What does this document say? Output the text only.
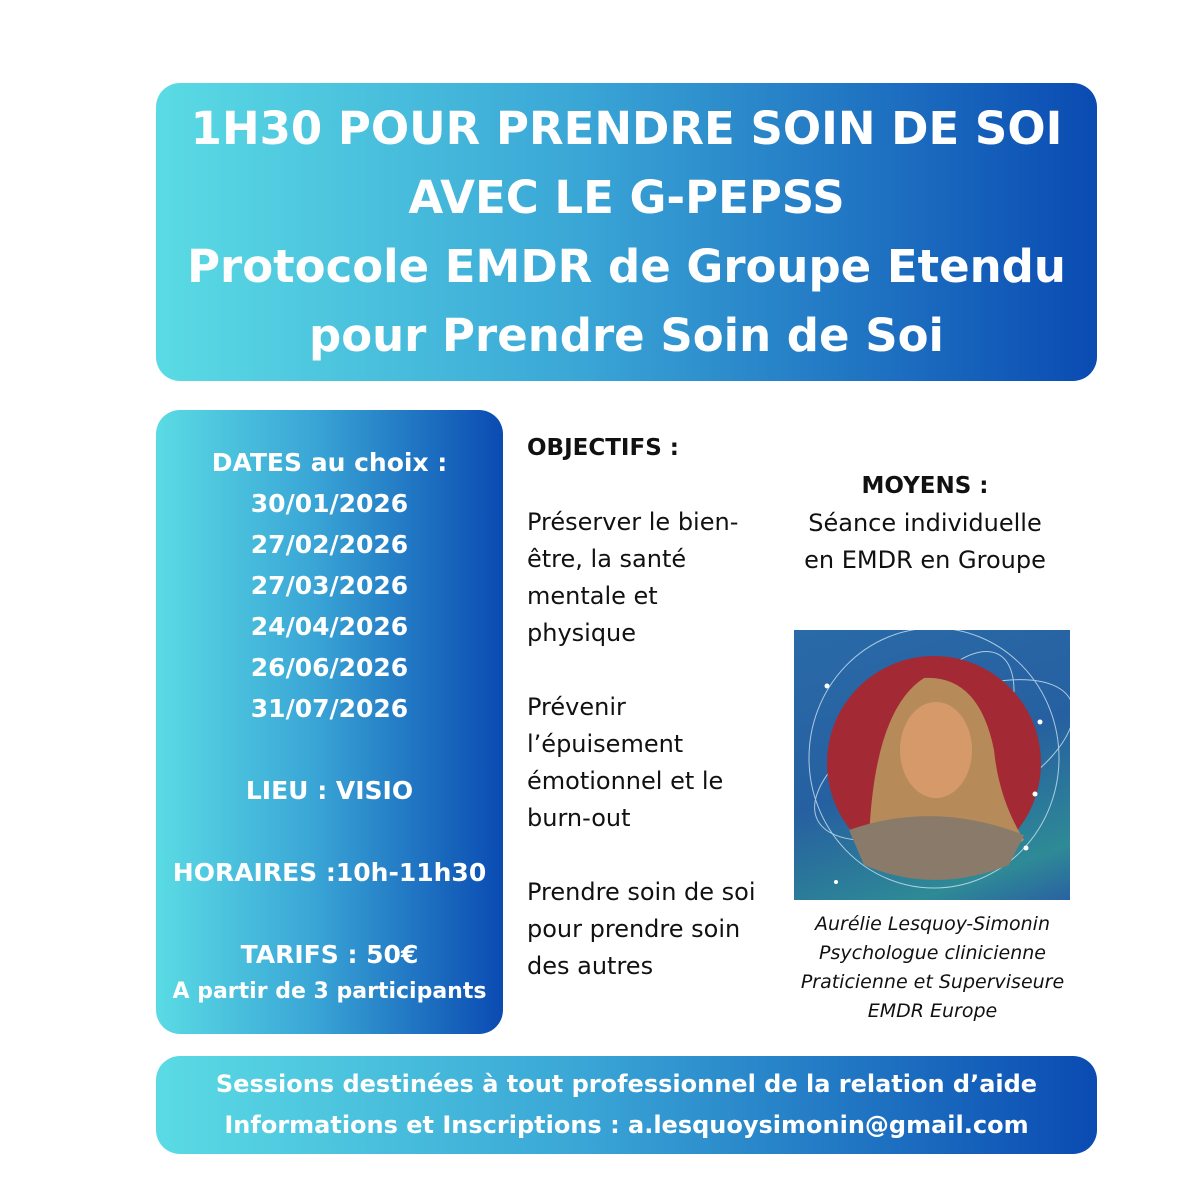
1H30 POUR PRENDRE SOIN DE SOI
AVEC LE G-PEPSS
Protocole EMDR de Groupe Etendu
pour Prendre Soin de Soi
DATES au choix :
30/01/2026
27/02/2026
27/03/2026
24/04/2026
26/06/2026
31/07/2026
LIEU : VISIO
HORAIRES :10h-11h30
TARIFS : 50€
A partir de 3 participants
OBJECTIFS :

Préserver le bien-être, la santé mentale et physique

Prévenir l’épuisement émotionnel et le burn-out

Prendre soin de soi pour prendre soin des autres

MOYENS :
Séance individuelle
en EMDR en Groupe
Aurélie Lesquoy-Simonin
Psychologue clinicienne
Praticienne et Superviseure
EMDR Europe
Sessions destinées à tout professionnel de la relation d’aide
Informations et Inscriptions : a.lesquoysimonin@gmail.com
